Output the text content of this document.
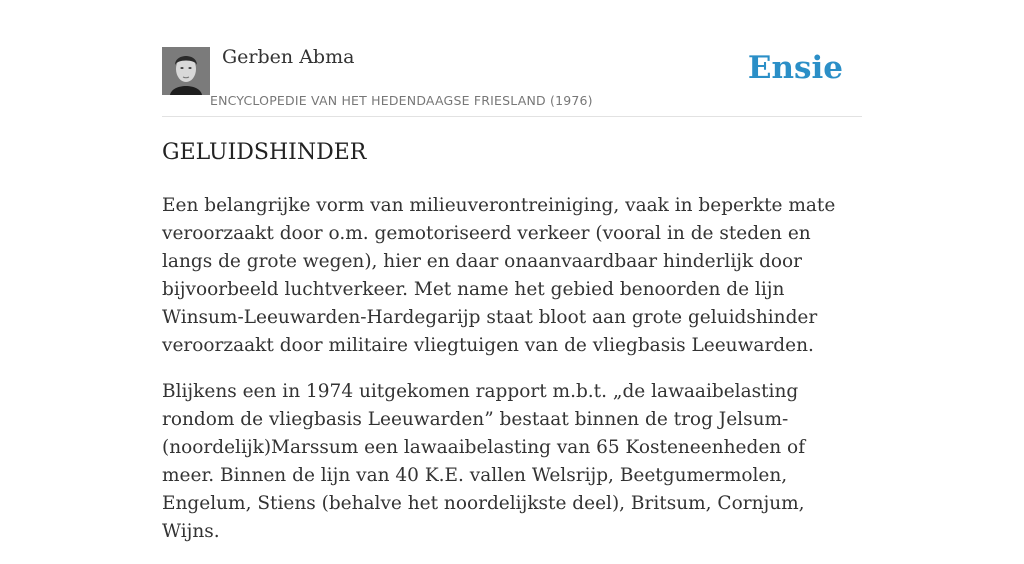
Gerben Abma
ENCYCLOPEDIE VAN HET HEDENDAAGSE FRIESLAND (1976)
Ensie
GELUIDSHINDER

Een belangrijke vorm van milieuverontreiniging, vaak in beperkte mate veroorzaakt door o.m. gemotoriseerd verkeer (vooral in de steden en langs de grote wegen), hier en daar onaanvaardbaar hinderlijk door bijvoorbeeld luchtverkeer. Met name het gebied benoorden de lijn Winsum-Leeuwarden-Hardegarijp staat bloot aan grote geluidshinder veroorzaakt door militaire vliegtuigen van de vliegbasis Leeuwarden.

Blijkens een in 1974 uitgekomen rapport m.b.t. „de lawaaibelasting rondom de vliegbasis Leeuwarden” bestaat binnen de trog Jelsum-(noordelijk)Marssum een lawaaibelasting van 65 Kosteneenheden of meer. Binnen de lijn van 40 K.E. vallen Welsrijp, Beetgumermolen, Engelum, Stiens (behalve het noordelijkste deel), Britsum, Cornjum, Wijns.
